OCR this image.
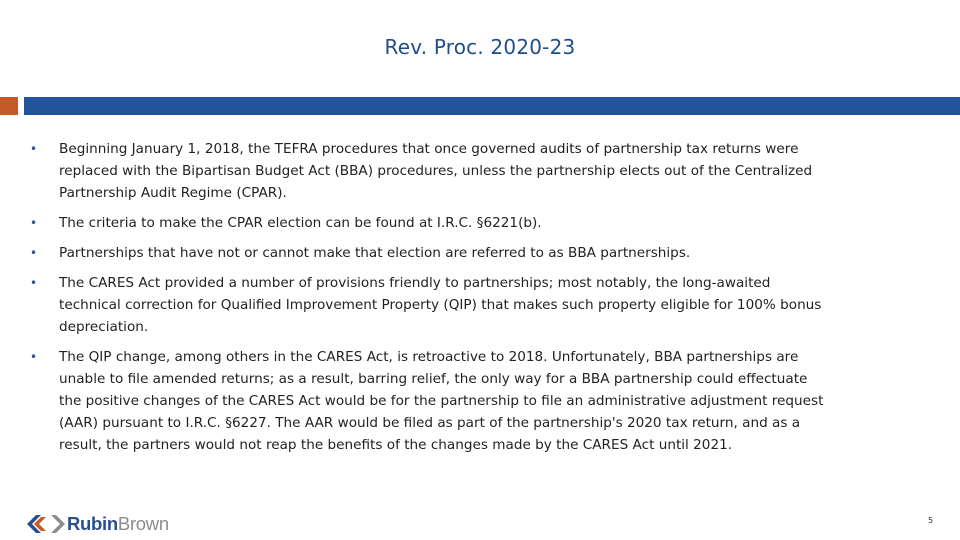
Rev. Proc. 2020-23
• Beginning January 1, 2018, the TEFRA procedures that once governed audits of partnership tax returns were replaced with the Bipartisan Budget Act (BBA) procedures, unless the partnership elects out of the Centralized Partnership Audit Regime (CPAR).
• The criteria to make the CPAR election can be found at I.R.C. §6221(b).
• Partnerships that have not or cannot make that election are referred to as BBA partnerships.
• The CARES Act provided a number of provisions friendly to partnerships; most notably, the long-awaited technical correction for Qualified Improvement Property (QIP) that makes such property eligible for 100% bonus depreciation.
• The QIP change, among others in the CARES Act, is retroactive to 2018. Unfortunately, BBA partnerships are unable to file amended returns; as a result, barring relief, the only way for a BBA partnership could effectuate the positive changes of the CARES Act would be for the partnership to file an administrative adjustment request (AAR) pursuant to I.R.C. §6227. The AAR would be filed as part of the partnership's 2020 tax return, and as a result, the partners would not reap the benefits of the changes made by the CARES Act until 2021.
RubinBrown	5
